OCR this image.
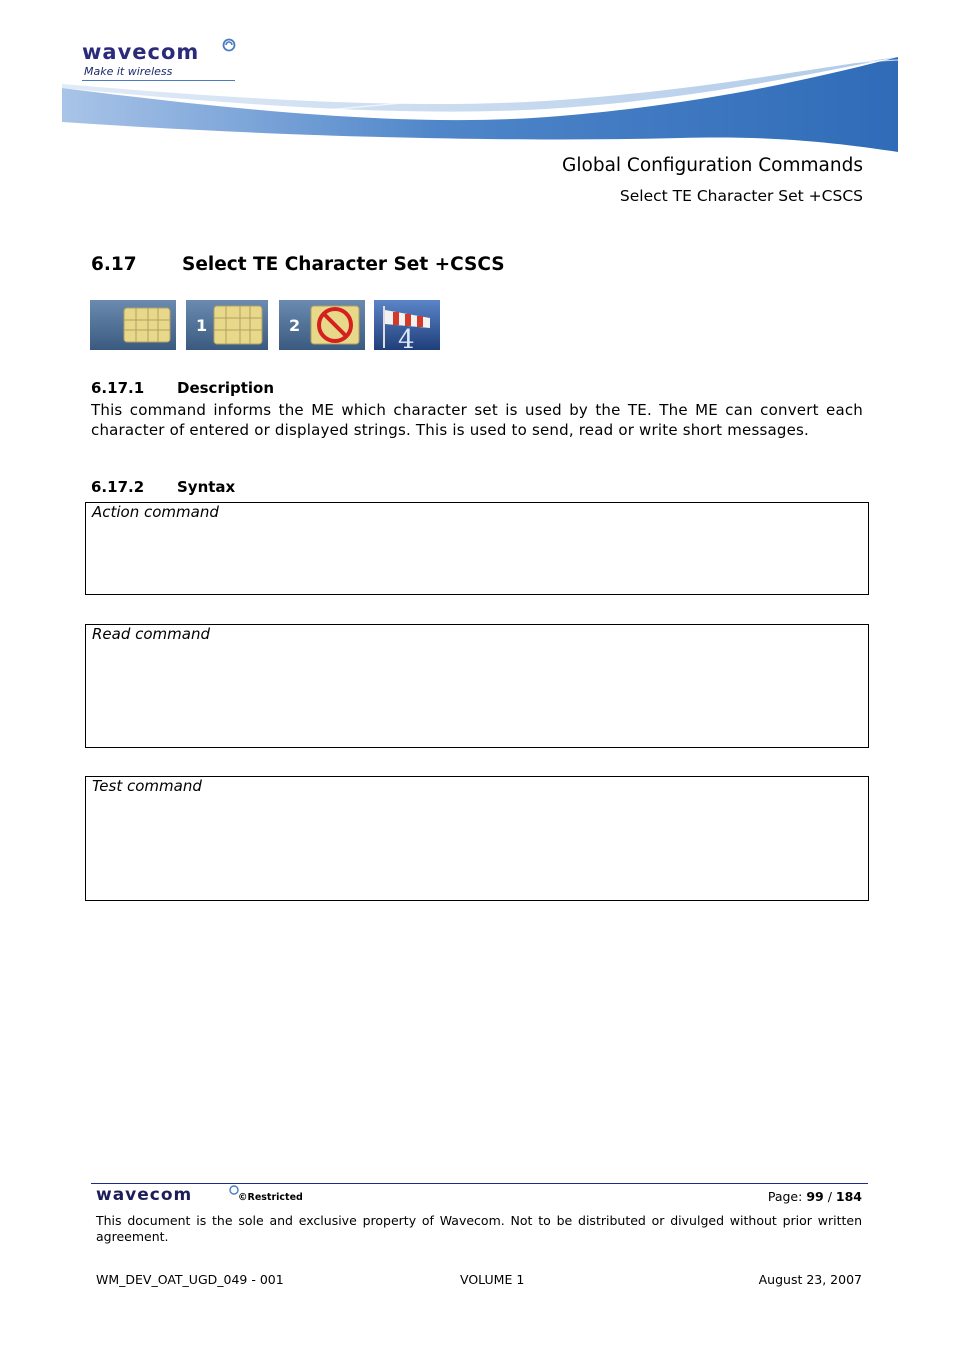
wavecom
Make it wireless
Global Configuration Commands
Select TE Character Set +CSCS
6.17 Select TE Character Set +CSCS
1	2	4
6.17.1 Description
This command informs the ME which character set is used by the TE. The ME can convert each character of entered or displayed strings. This is used to send, read or write short messages.
6.17.2 Syntax
Action command
Read command
Test command
wavecom	©Restricted	Page: 99 / 184
This document is the sole and exclusive property of Wavecom. Not to be distributed or divulged without prior written agreement.
WM_DEV_OAT_UGD_049 - 001	VOLUME 1	August 23, 2007
